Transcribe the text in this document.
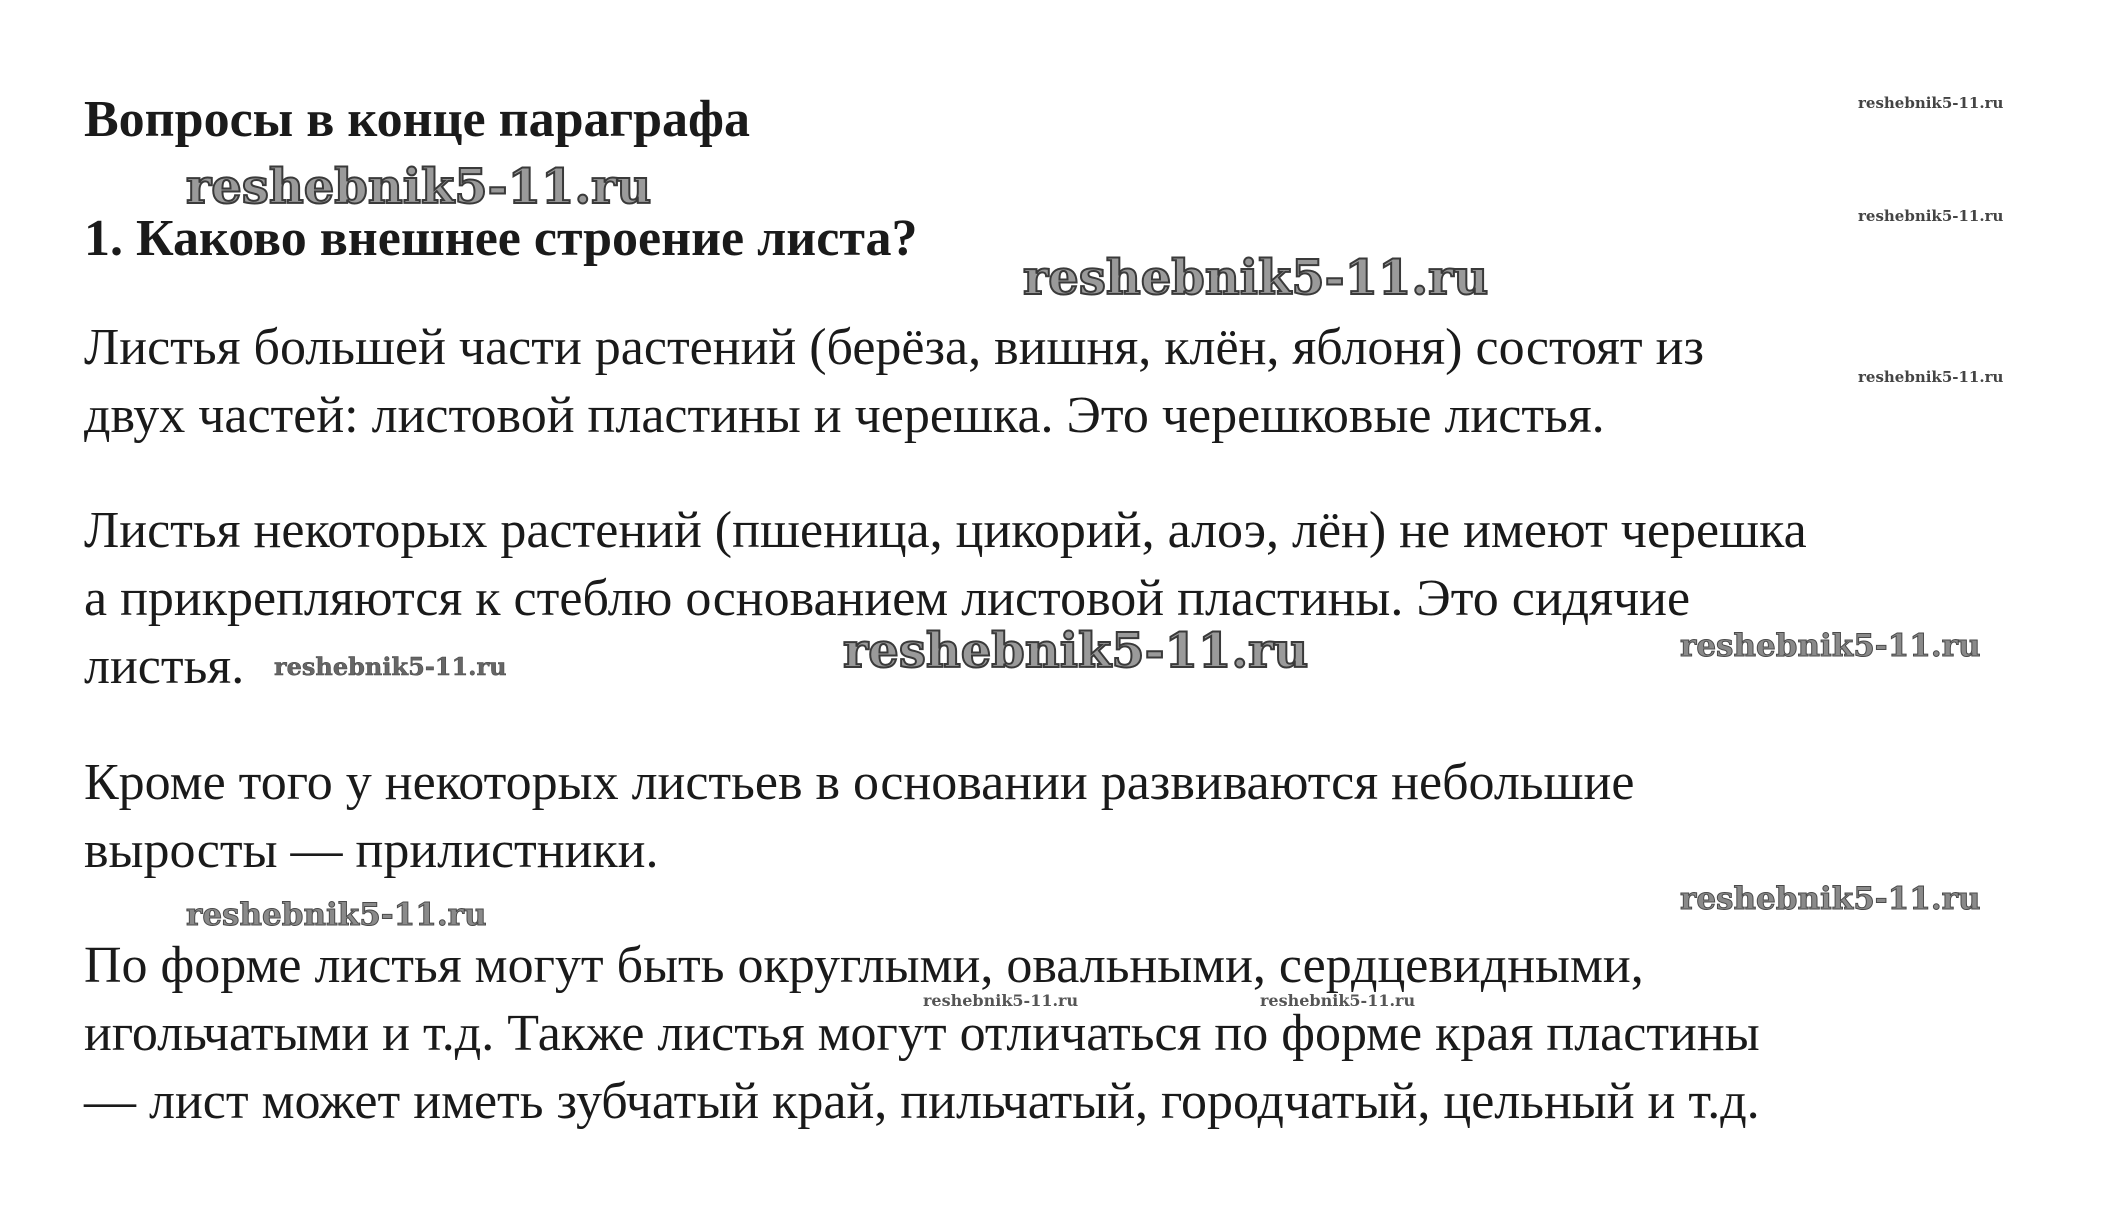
Вопросы в конце параграфа
1. Каково внешнее строение листа?
Листья большей части растений (берёза, вишня, клён, яблоня) состоят из
двух частей: листовой пластины и черешка. Это черешковые листья.
Листья некоторых растений (пшеница, цикорий, алоэ, лён) не имеют черешка
а прикрепляются к стеблю основанием листовой пластины. Это сидячие
листья.
Кроме того у некоторых листьев в основании развиваются небольшие
выросты — прилистники.
По форме листья могут быть округлыми, овальными, сердцевидными,
игольчатыми и т.д. Также листья могут отличаться по форме края пластины
— лист может иметь зубчатый край, пильчатый, городчатый, цельный и т.д.
reshebnik5-11.ru
reshebnik5-11.ru
reshebnik5-11.ru
reshebnik5-11.ru
reshebnik5-11.ru
reshebnik5-11.ru	reshebnik5-11.ru
reshebnik5-11.ru	reshebnik5-11.ru
reshebnik5-11.ru
reshebnik5-11.ru	reshebnik5-11.ru
